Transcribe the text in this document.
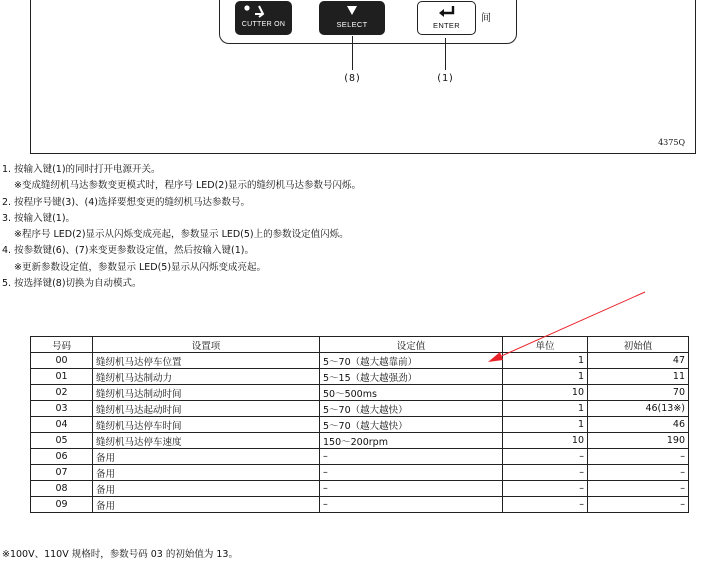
CUTTER ON	SELECT	ENTER
间
(8)	(1)
4375Q
1. 按输入键(1)的同时打开电源开关。
※变成缝纫机马达参数变更模式时，程序号 LED(2)显示的缝纫机马达参数号闪烁。
2. 按程序号键(3)、(4)选择要想变更的缝纫机马达参数号。
3. 按输入键(1)。
※程序号 LED(2)显示从闪烁变成亮起，参数显示 LED(5)上的参数设定值闪烁。
4. 按参数键(6)、(7)来变更参数设定值，然后按输入键(1)。
※更新参数设定值，参数显示 LED(5)显示从闪烁变成亮起。
5. 按选择键(8)切换为自动模式。
号码	设置项	设定值	单位	初始值
00	缝纫机马达停车位置	5～70（越大越靠前）	1	47
01	缝纫机马达制动力	5～15（越大越强劲）	1	11
02	缝纫机马达制动时间	50～500ms	10	70
03	缝纫机马达起动时间	5～70（越大越快）	1	46(13※)
04	缝纫机马达停车时间	5～70（越大越快）	1	46
05	缝纫机马达停车速度	150～200rpm	10	190
06	备用	–	–	–
07	备用	–	–	–
08	备用	–	–	–
09	备用	–	–	–
※100V、110V 规格时，参数号码 03 的初始值为 13。
